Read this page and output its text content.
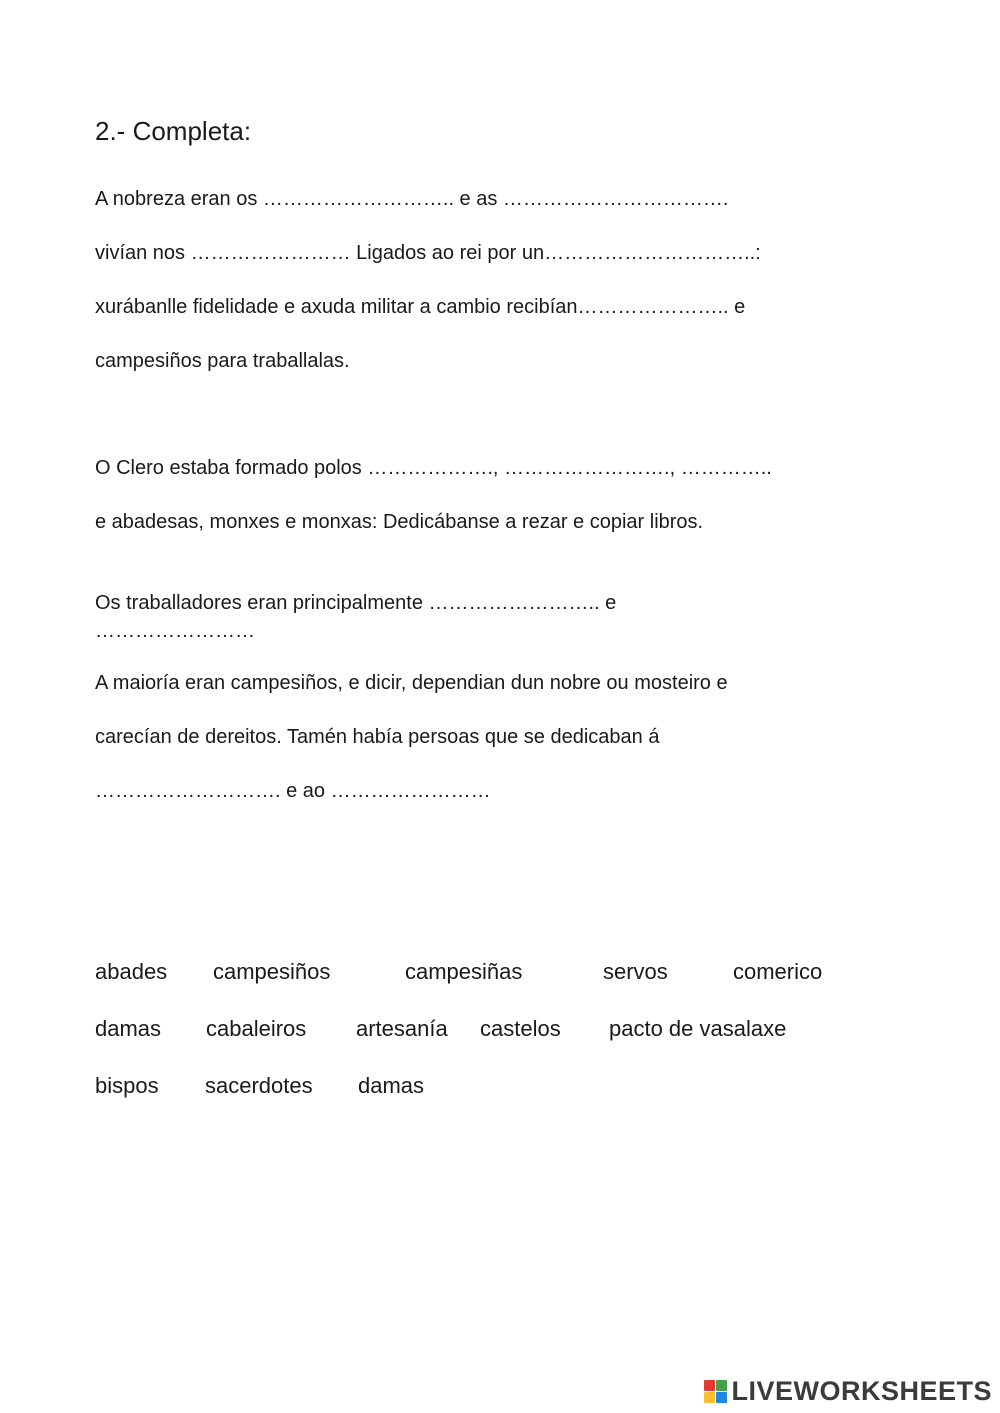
2.- Completa:
A nobreza eran os ……………………….. e as …………………………….
vivían nos …………………… Ligados ao rei por un…………………………..:
xurábanlle fidelidade e axuda militar a cambio recibían………………….. e
campesiños para traballalas.
O Clero estaba formado polos ………………., ……………………., …………..
e abadesas, monxes e monxas: Dedicábanse a rezar e copiar libros.
Os traballadores eran principalmente …………………….. e
……………………
A maioría eran campesiños, e dicir, dependian dun nobre ou mosteiro e
carecían de dereitos. Tamén había persoas que se dedicaban á
………………………. e ao ……………………
abades campesiños	campesiñas	servos	comerico
damas cabaleiros artesanía castelos pacto de vasalaxe
bispos sacerdotes damas
LIVEWORKSHEETS
